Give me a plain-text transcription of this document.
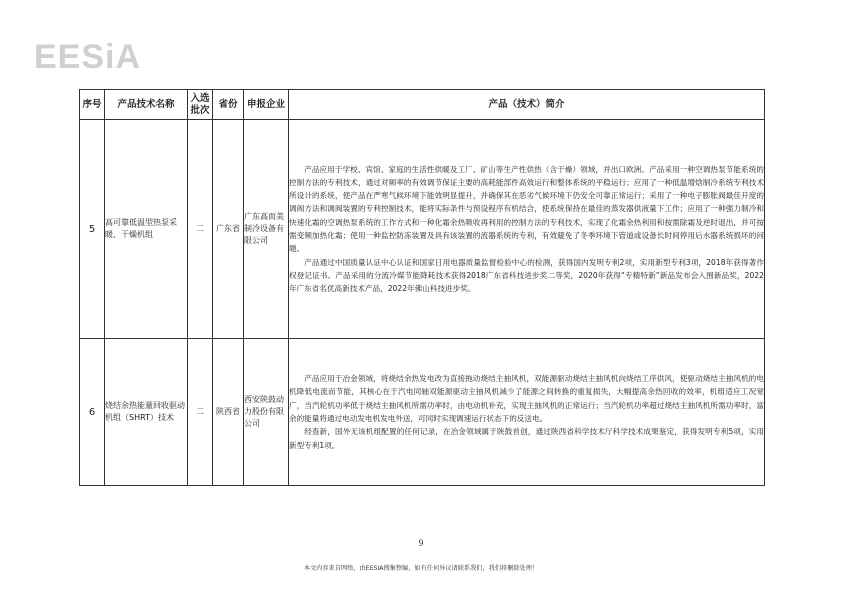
EESiA
序号	产品技术名称	入选批次	省份	申报企业	产品（技术）简介
5	高可靠低温型热泵采暖、干燥机组	二	广东省	广东高而美制冷设备有限公司	产品应用于学校、宾馆、家庭的生活性供暖及工厂、矿山等生产性供热（含干燥）领域，并出口欧洲。产品采用一种空调热泵节能系统的控制方法的专利技术，通过对频率的有效调节保证主要的高耗能部件高效运行和整体系统的平稳运行；应用了一种低温增焓制冷系统专利技术所设计的系统，使产品在严寒气候环境下能效明显提升，并确保其在恶劣气候环境下仍安全可靠正常运行；采用了一种电子膨胀阀最佳开度的调阀方法和调阀装置的专利控制技术，能将实际条件与预设程序有机结合，使系统保持在最佳的蒸发器供液量下工作；应用了一种强力制冷和快速化霜的空调热泵系统的工作方式和一种化霜余热吸收再利用的控制方法的专利技术，实现了化霜余热利用和按需除霜及逆时退出，并可按需变频加热化霜；使用一种监控防冻装置及具有该装置的流器系统的专利，有效避免了冬季环境下管道或设备长时间停用后水器系统损坏的问题。

产品通过中国质量认证中心认证和国家日用电器质量监督检验中心的检测，获得国内发明专利2项，实用新型专利3项，2018年获得著作权登记证书。产品采用的分流冷媒节能降耗技术获得2018广东省科技进步奖二等奖，2020年获得“专精特新”新品发布会入围新品奖，2022年广东省名优高新技术产品，2022年佛山科技进步奖。

6	烧结余热能量回收驱动机组（SHRT）技术	二	陕西省	西安陕鼓动力股份有限公司	产品应用于冶金领域，将烧结余热发电改为直接拖动烧结主抽风机，双能源驱动烧结主抽风机向烧结工序供风，使驱动烧结主抽风机的电机降低电流而节能，其核心在于汽电同轴双能源驱动主抽风机减少了能源之间转换的重复损失，大幅提高余热回收的效率，机组适应工况宽广，当汽轮机功率低于烧结主抽风机所需功率时，由电动机补充，实现主抽风机的正常运行；当汽轮机功率超过烧结主抽风机所需功率时，富余的能量将通过电动发电机发电外送，可同时实现调速运行状态下的反送电。

经查新，国外无该机组配置的任何记录，在冶金领域属于陕鼓首创，通过陕西省科学技术厅科学技术成果鉴定，获得发明专利5项，实用新型专利1项。

9
本文内容来自网络，由EESIA搜集整编，如有任何异议请联系我们，我们将删除处理！
